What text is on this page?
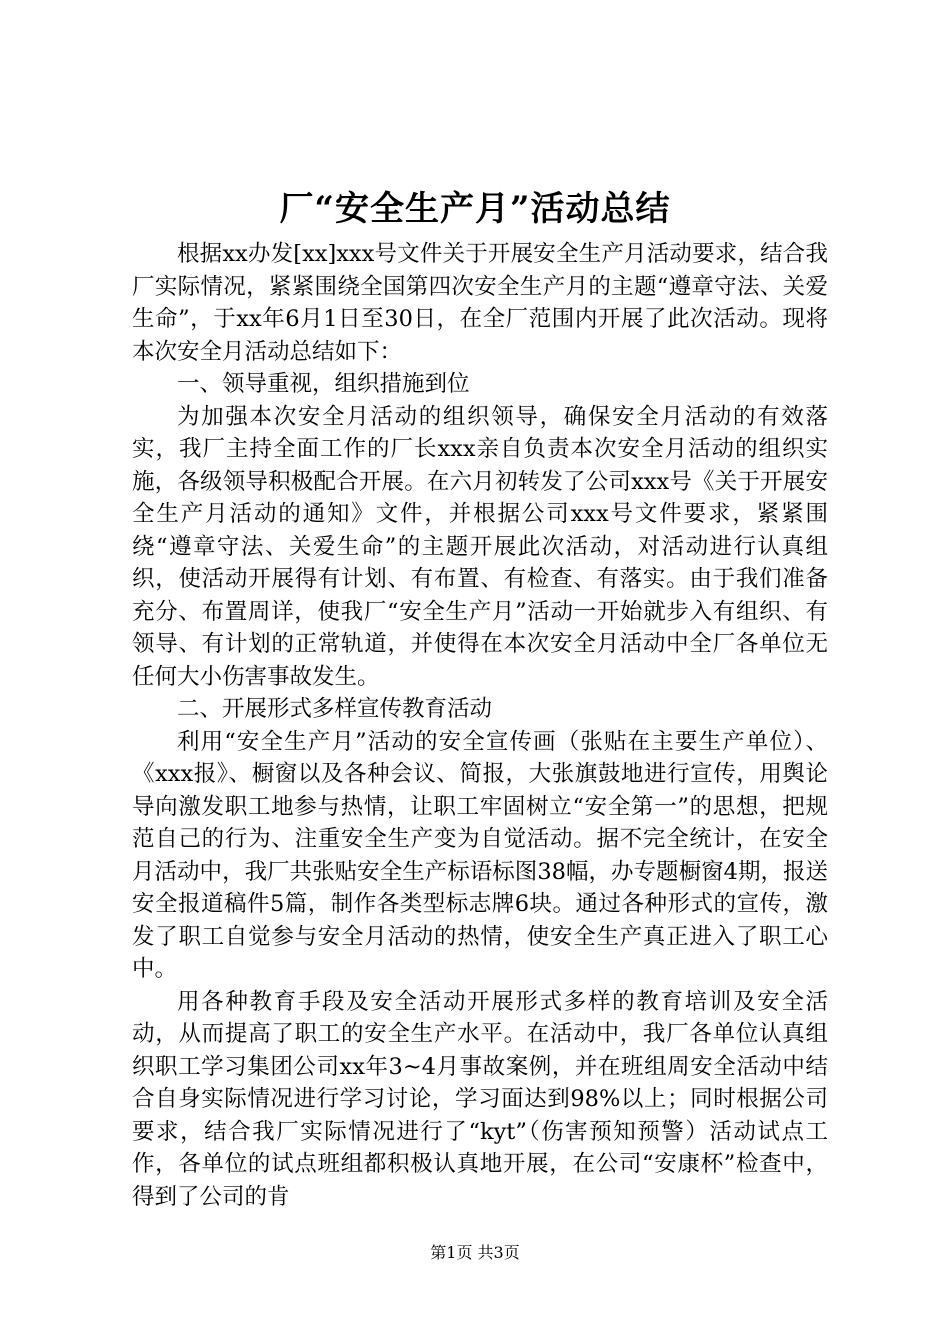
厂“安全生产月”活动总结

根据xx办发[xx]xxx号文件关于开展安全生产月活动要求，结合我厂实际情况，紧紧围绕全国第四次安全生产月的主题“遵章守法、关爱生命”，于xx年6月1日至30日，在全厂范围内开展了此次活动。现将本次安全月活动总结如下：

一、领导重视，组织措施到位

为加强本次安全月活动的组织领导，确保安全月活动的有效落实，我厂主持全面工作的厂长xxx亲自负责本次安全月活动的组织实施，各级领导积极配合开展。在六月初转发了公司xxx号《关于开展安全生产月活动的通知》文件，并根据公司xxx号文件要求，紧紧围绕“遵章守法、关爱生命”的主题开展此次活动，对活动进行认真组织，使活动开展得有计划、有布置、有检查、有落实。由于我们准备充分、布置周详，使我厂“安全生产月”活动一开始就步入有组织、有领导、有计划的正常轨道，并使得在本次安全月活动中全厂各单位无任何大小伤害事故发生。

二、开展形式多样宣传教育活动

利用“安全生产月”活动的安全宣传画（张贴在主要生产单位）、《xxx报》、橱窗以及各种会议、简报，大张旗鼓地进行宣传，用舆论导向激发职工地参与热情，让职工牢固树立“安全第一”的思想，把规范自己的行为、注重安全生产变为自觉活动。据不完全统计，在安全月活动中，我厂共张贴安全生产标语标图38幅，办专题橱窗4期，报送安全报道稿件5篇，制作各类型标志牌6块。通过各种形式的宣传，激发了职工自觉参与安全月活动的热情，使安全生产真正进入了职工心中。

用各种教育手段及安全活动开展形式多样的教育培训及安全活动，从而提高了职工的安全生产水平。在活动中，我厂各单位认真组织职工学习集团公司xx年3~4月事故案例，并在班组周安全活动中结合自身实际情况进行学习讨论，学习面达到98%以上；同时根据公司要求，结合我厂实际情况进行了“kyt”（伤害预知预警）活动试点工作，各单位的试点班组都积极认真地开展，在公司“安康杯”检查中，得到了公司的肯

第1页 共3页
